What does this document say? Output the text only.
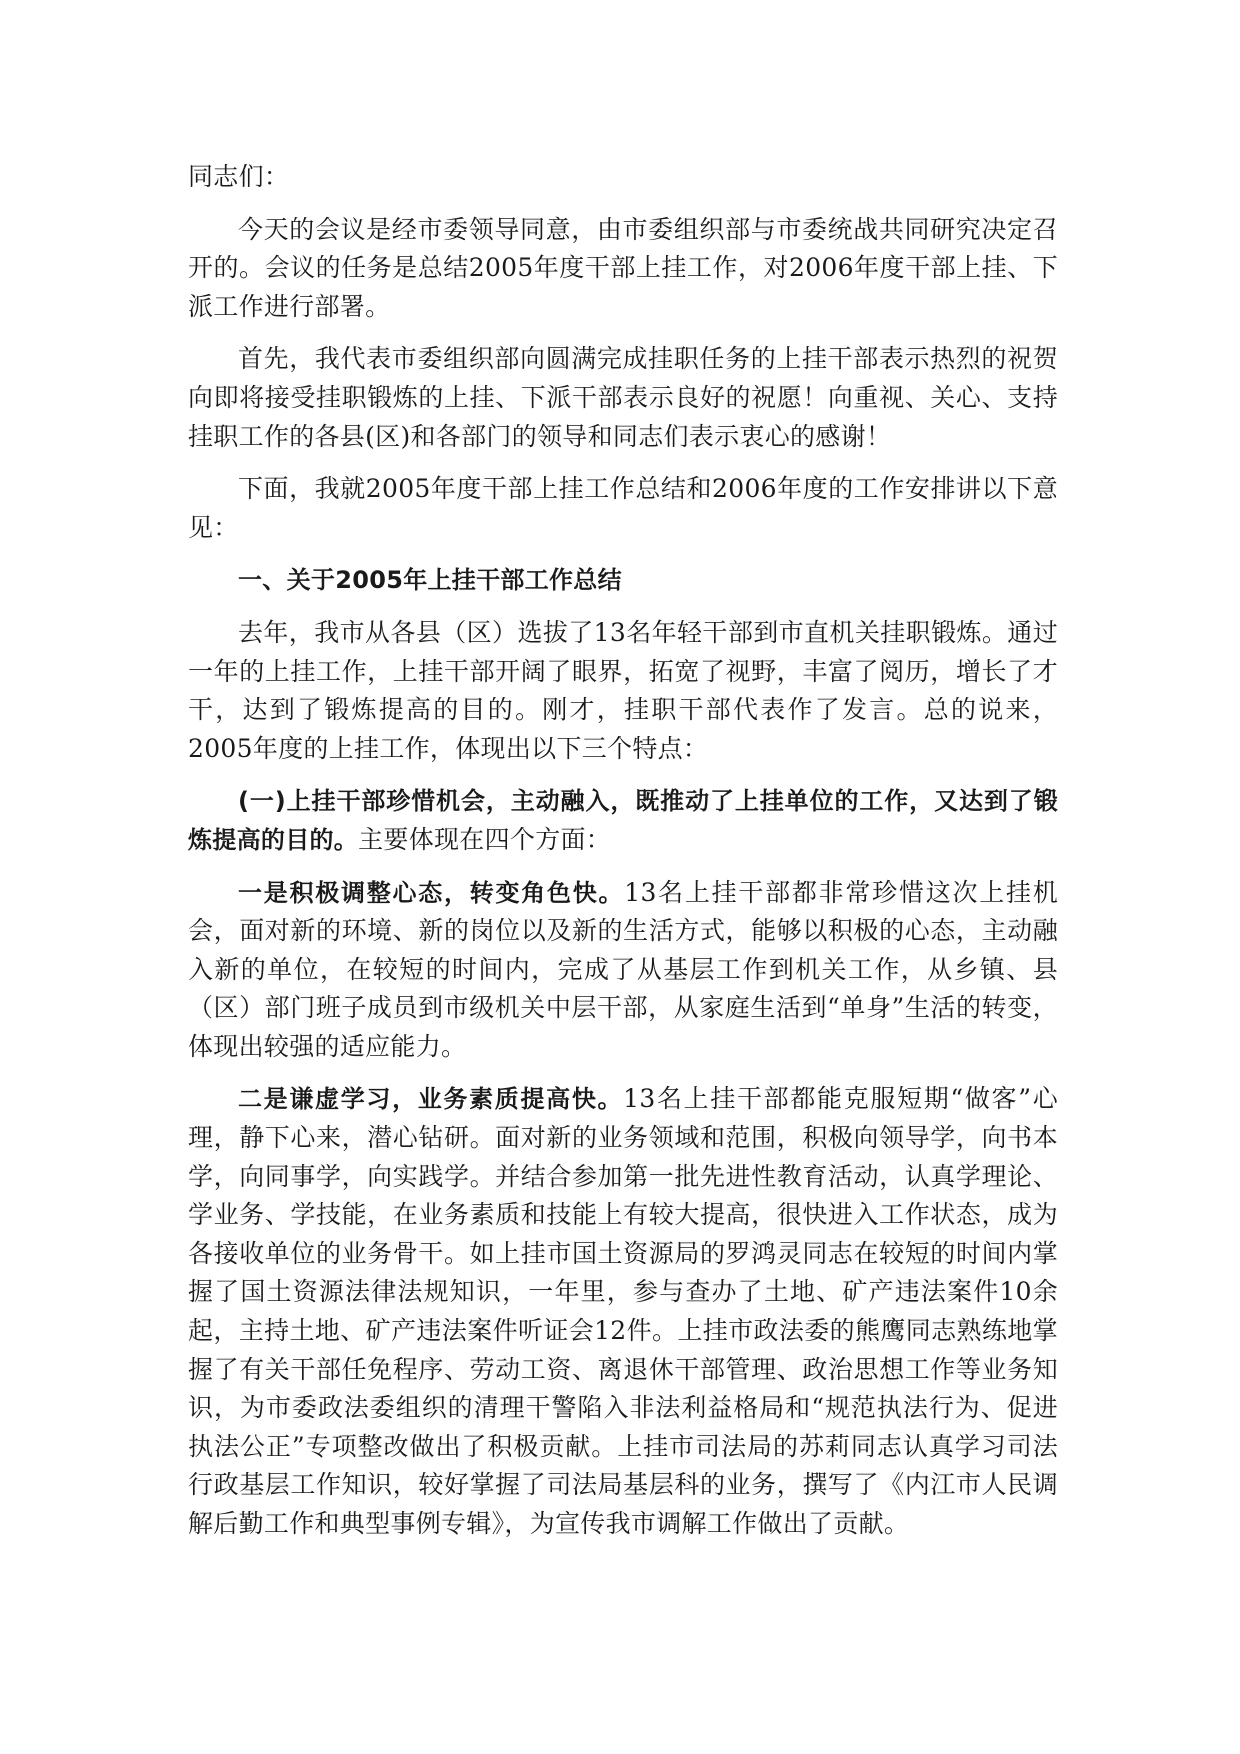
同志们：

今天的会议是经市委领导同意，由市委组织部与市委统战共同研究决定召开的。会议的任务是总结2005年度干部上挂工作，对2006年度干部上挂、下派工作进行部署。

首先，我代表市委组织部向圆满完成挂职任务的上挂干部表示热烈的祝贺向即将接受挂职锻炼的上挂、下派干部表示良好的祝愿！向重视、关心、支持挂职工作的各县(区)和各部门的领导和同志们表示衷心的感谢！

下面，我就2005年度干部上挂工作总结和2006年度的工作安排讲以下意见：

一、关于2005年上挂干部工作总结

去年，我市从各县（区）选拔了13名年轻干部到市直机关挂职锻炼。通过一年的上挂工作，上挂干部开阔了眼界，拓宽了视野，丰富了阅历，增长了才干，达到了锻炼提高的目的。刚才，挂职干部代表作了发言。总的说来，2005年度的上挂工作，体现出以下三个特点：

(一)上挂干部珍惜机会，主动融入，既推动了上挂单位的工作，又达到了锻炼提高的目的。主要体现在四个方面：

一是积极调整心态，转变角色快。13名上挂干部都非常珍惜这次上挂机会，面对新的环境、新的岗位以及新的生活方式，能够以积极的心态，主动融入新的单位，在较短的时间内，完成了从基层工作到机关工作，从乡镇、县（区）部门班子成员到市级机关中层干部，从家庭生活到“单身”生活的转变，体现出较强的适应能力。

二是谦虚学习，业务素质提高快。13名上挂干部都能克服短期“做客”心理，静下心来，潜心钻研。面对新的业务领域和范围，积极向领导学，向书本学，向同事学，向实践学。并结合参加第一批先进性教育活动，认真学理论、学业务、学技能，在业务素质和技能上有较大提高，很快进入工作状态，成为各接收单位的业务骨干。如上挂市国土资源局的罗鸿灵同志在较短的时间内掌握了国土资源法律法规知识，一年里，参与查办了土地、矿产违法案件10余起，主持土地、矿产违法案件听证会12件。上挂市政法委的熊鹰同志熟练地掌握了有关干部任免程序、劳动工资、离退休干部管理、政治思想工作等业务知识，为市委政法委组织的清理干警陷入非法利益格局和“规范执法行为、促进执法公正”专项整改做出了积极贡献。上挂市司法局的苏莉同志认真学习司法行政基层工作知识，较好掌握了司法局基层科的业务，撰写了《内江市人民调解后勤工作和典型事例专辑》，为宣传我市调解工作做出了贡献。
